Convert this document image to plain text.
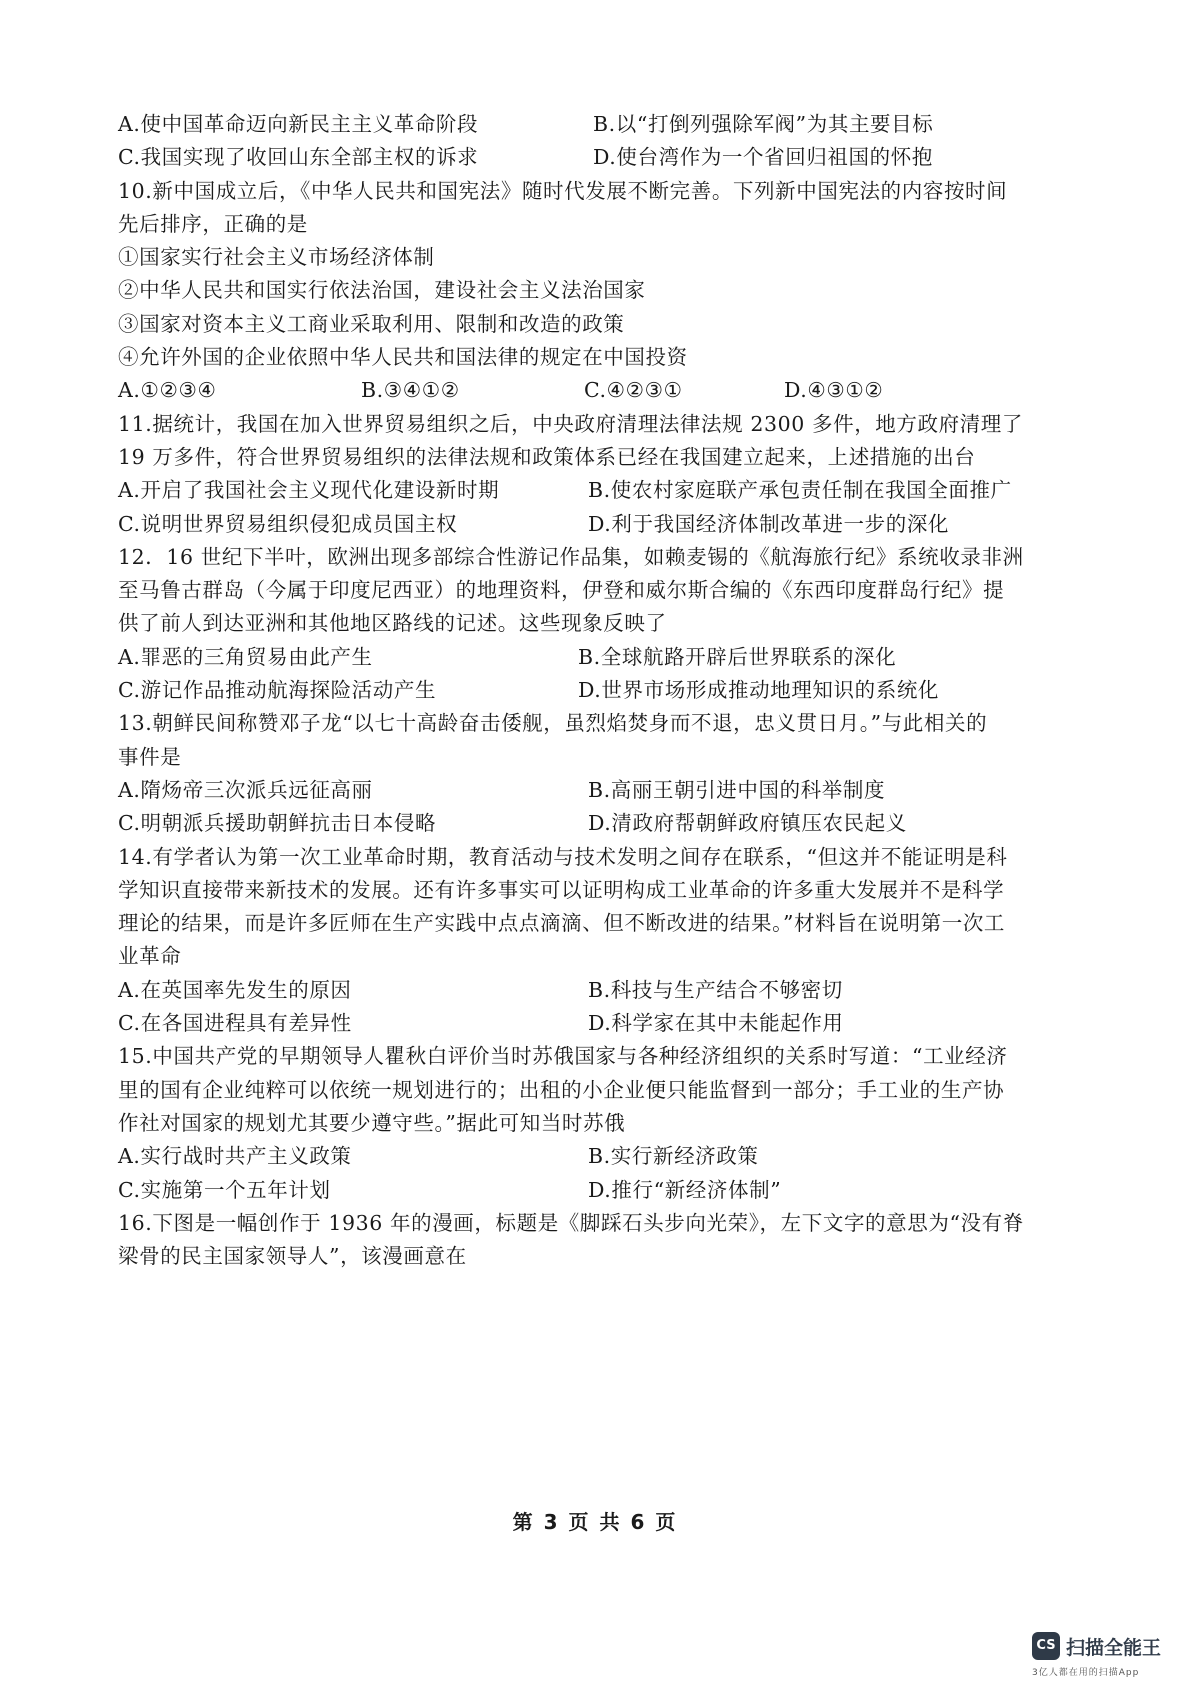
A.使中国革命迈向新民主主义革命阶段	B.以“打倒列强除军阀”为其主要目标
C.我国实现了收回山东全部主权的诉求	D.使台湾作为一个省回归祖国的怀抱
10.新中国成立后，《中华人民共和国宪法》随时代发展不断完善。下列新中国宪法的内容按时间
先后排序，正确的是
①国家实行社会主义市场经济体制
②中华人民共和国实行依法治国，建设社会主义法治国家
③国家对资本主义工商业采取利用、限制和改造的政策
④允许外国的企业依照中华人民共和国法律的规定在中国投资
A.①②③④	B.③④①②	C.④②③①	D.④③①②
11.据统计，我国在加入世界贸易组织之后，中央政府清理法律法规 2300 多件，地方政府清理了
19 万多件，符合世界贸易组织的法律法规和政策体系已经在我国建立起来，上述措施的出台
A.开启了我国社会主义现代化建设新时期	B.使农村家庭联产承包责任制在我国全面推广
C.说明世界贸易组织侵犯成员国主权	D.利于我国经济体制改革进一步的深化
12．16 世纪下半叶，欧洲出现多部综合性游记作品集，如赖麦锡的《航海旅行纪》系统收录非洲
至马鲁古群岛（今属于印度尼西亚）的地理资料，伊登和威尔斯合编的《东西印度群岛行纪》提
供了前人到达亚洲和其他地区路线的记述。这些现象反映了
A.罪恶的三角贸易由此产生	B.全球航路开辟后世界联系的深化
C.游记作品推动航海探险活动产生	D.世界市场形成推动地理知识的系统化
13.朝鲜民间称赞邓子龙“以七十高龄奋击倭舰，虽烈焰焚身而不退，忠义贯日月。”与此相关的
事件是
A.隋炀帝三次派兵远征高丽	B.高丽王朝引进中国的科举制度
C.明朝派兵援助朝鲜抗击日本侵略	D.清政府帮朝鲜政府镇压农民起义
14.有学者认为第一次工业革命时期，教育活动与技术发明之间存在联系，“但这并不能证明是科
学知识直接带来新技术的发展。还有许多事实可以证明构成工业革命的许多重大发展并不是科学
理论的结果，而是许多匠师在生产实践中点点滴滴、但不断改进的结果。”材料旨在说明第一次工
业革命
A.在英国率先发生的原因	B.科技与生产结合不够密切
C.在各国进程具有差异性	D.科学家在其中未能起作用
15.中国共产党的早期领导人瞿秋白评价当时苏俄国家与各种经济组织的关系时写道：“工业经济
里的国有企业纯粹可以依统一规划进行的；出租的小企业便只能监督到一部分；手工业的生产协
作社对国家的规划尤其要少遵守些。”据此可知当时苏俄
A.实行战时共产主义政策	B.实行新经济政策
C.实施第一个五年计划	D.推行“新经济体制”
16.下图是一幅创作于 1936 年的漫画，标题是《脚踩石头步向光荣》，左下文字的意思为“没有脊
梁骨的民主国家领导人”，该漫画意在
第 3 页 共 6 页
CS 扫描全能王
3亿人都在用的扫描App
